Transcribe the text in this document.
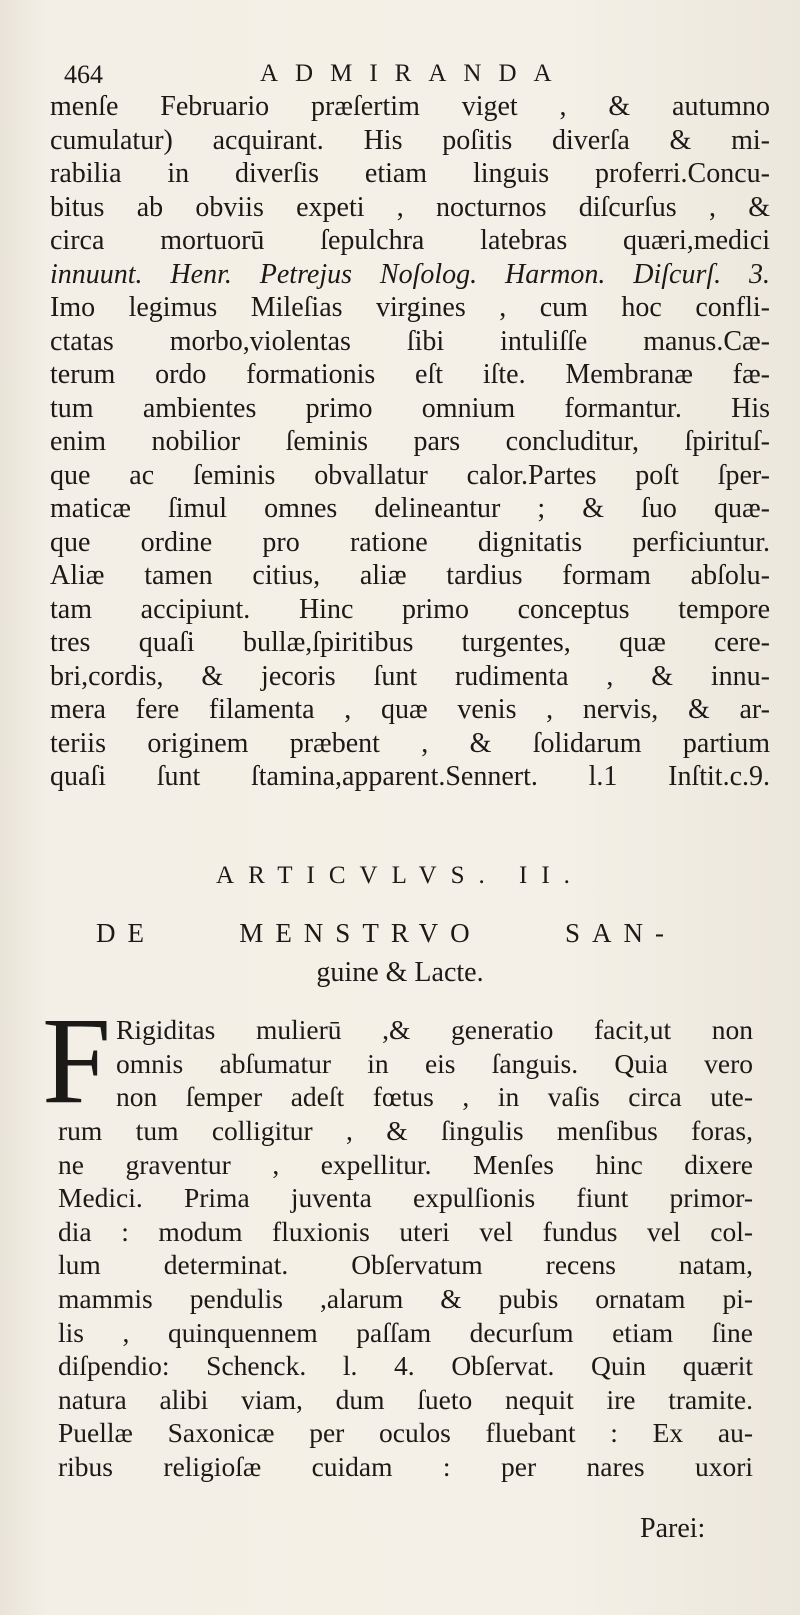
464	ADMIRANDA
menſe Februario præſertim viget , & autumno
cumulatur) acquirant. His poſitis diverſa & mi-
rabilia in diverſis etiam linguis proferri.Concu-
bitus ab obviis expeti , nocturnos diſcurſus , &
circa mortuorū ſepulchra latebras quæri,medici
innuunt. Henr. Petrejus Noſolog. Harmon. Diſcurſ. 3.
Imo legimus Mileſias virgines , cum hoc confli-
ctatas morbo,violentas ſibi intuliſſe manus.Cæ-
terum ordo formationis eſt iſte. Membranæ fæ-
tum ambientes primo omnium formantur. His
enim nobilior ſeminis pars concluditur, ſpirituſ-
que ac ſeminis obvallatur calor.Partes poſt ſper-
maticæ ſimul omnes delineantur ; & ſuo quæ-
que ordine pro ratione dignitatis perficiuntur.
Aliæ tamen citius, aliæ tardius formam abſolu-
tam accipiunt. Hinc primo conceptus tempore
tres quaſi bullæ,ſpiritibus turgentes, quæ cere-
bri,cordis, & jecoris ſunt rudimenta , & innu-
mera fere filamenta , quæ venis , nervis, & ar-
teriis originem præbent , & ſolidarum partium
quaſi ſunt ſtamina,apparent.Sennert. l.1 Inſtit.c.9.
ARTICVLVS. II.
DE MENSTRVO SAN-
guine & Lacte.
F Rigiditas mulierū ,& generatio facit,ut non
omnis abſumatur in eis ſanguis. Quia vero
non ſemper adeſt fœtus , in vaſis circa ute-
rum tum colligitur , & ſingulis menſibus foras,
ne graventur , expellitur. Menſes hinc dixere
Medici. Prima juventa expulſionis fiunt primor-
dia : modum fluxionis uteri vel fundus vel col-
lum determinat. Obſervatum recens natam,
mammis pendulis ,alarum & pubis ornatam pi-
lis , quinquennem paſſam decurſum etiam ſine
diſpendio: Schenck. l. 4. Obſervat. Quin quærit
natura alibi viam, dum ſueto nequit ire tramite.
Puellæ Saxonicæ per oculos fluebant : Ex au-
ribus religioſæ cuidam : per nares uxori
Parei:
